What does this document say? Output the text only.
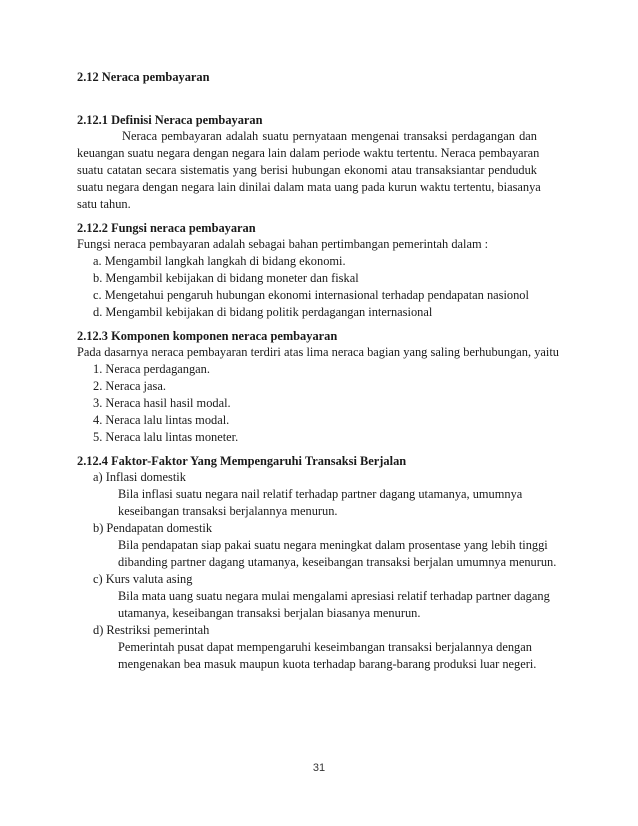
2.12 Neraca pembayaran
2.12.1 Definisi Neraca pembayaran
Neraca pembayaran adalah suatu pernyataan mengenai transaksi perdagangan dan
keuangan suatu negara dengan negara lain dalam periode waktu tertentu. Neraca pembayaran
suatu catatan secara sistematis yang berisi hubungan ekonomi atau transaksiantar penduduk
suatu negara dengan negara lain dinilai dalam mata uang pada kurun waktu tertentu, biasanya
satu tahun.
2.12.2 Fungsi neraca pembayaran
Fungsi neraca pembayaran adalah sebagai bahan pertimbangan pemerintah dalam :
a. Mengambil langkah langkah di bidang ekonomi.
b. Mengambil kebijakan di bidang moneter dan fiskal
c. Mengetahui pengaruh hubungan ekonomi internasional terhadap pendapatan nasionol
d. Mengambil kebijakan di bidang politik perdagangan internasional
2.12.3 Komponen komponen neraca pembayaran
Pada dasarnya neraca pembayaran terdiri atas lima neraca bagian yang saling berhubungan, yaitu
1. Neraca perdagangan.
2. Neraca jasa.
3. Neraca hasil hasil modal.
4. Neraca lalu lintas modal.
5. Neraca lalu lintas moneter.
2.12.4 Faktor-Faktor Yang Mempengaruhi Transaksi Berjalan
a) Inflasi domestik
Bila inflasi suatu negara nail relatif terhadap partner dagang utamanya, umumnya
keseibangan transaksi berjalannya menurun.
b) Pendapatan domestik
Bila pendapatan siap pakai suatu negara meningkat dalam prosentase yang lebih tinggi
dibanding partner dagang utamanya, keseibangan transaksi berjalan umumnya menurun.
c) Kurs valuta asing
Bila mata uang suatu negara mulai mengalami apresiasi relatif terhadap partner dagang
utamanya, keseibangan transaksi berjalan biasanya menurun.
d) Restriksi pemerintah
Pemerintah pusat dapat mempengaruhi keseimbangan transaksi berjalannya dengan
mengenakan bea masuk maupun kuota terhadap barang-barang produksi luar negeri.
31
